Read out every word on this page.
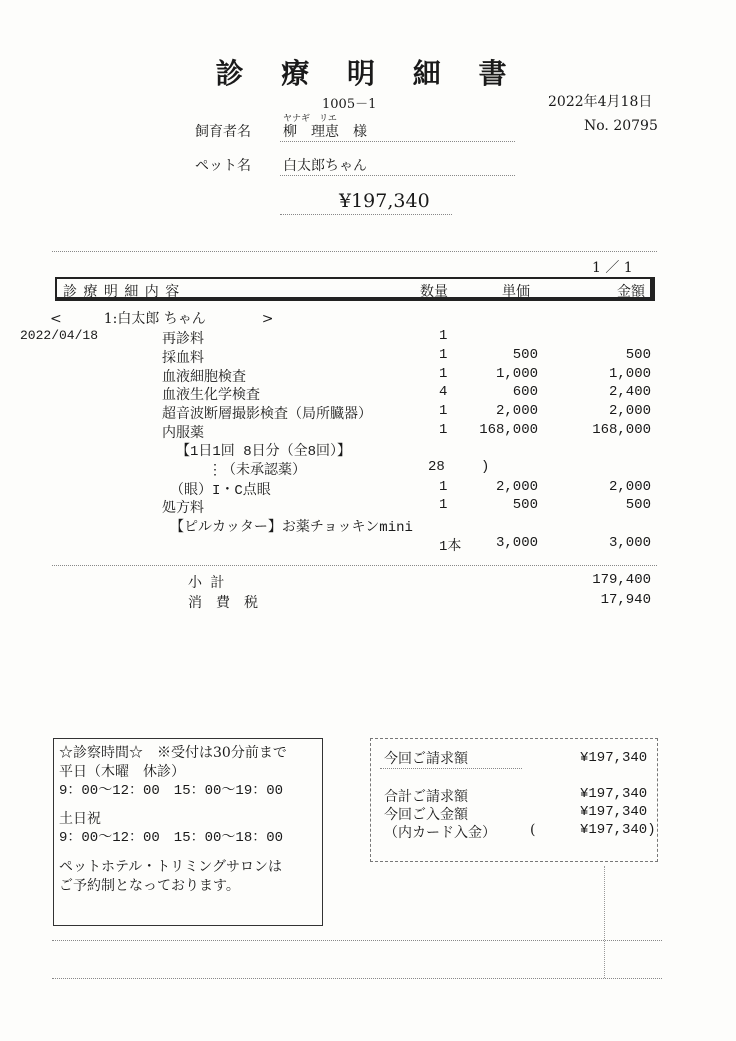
診 療 明 細 書
1005－1	2022年4月18日
ヤナギ　リエ
飼育者名 柳　理恵　様	No. 20795
ペット名 白太郎ちゃん
¥197,340
1 ／ 1
診 療 明 細 内 容	数量	単価	金額
<　　　1:白太郎 ちゃん　　　　>
2022/04/18	再診料	1
採血料	1	500	500
血液細胞検査	1	1,000	1,000
血液生化学検査	4	600	2,400
超音波断層撮影検査（局所臓器）	1	2,000	2,000
内服薬	1 168,000	168,000
【1日1回 8日分（全8回）】
⋮（未承認薬）	28	)
（眼）I・C点眼	1	2,000	2,000
処方料	1	500	500
【ピルカッター】お薬チョッキンmini
1本 3,000	3,000
小 計	179,400
消　費　税	17,940
☆診察時間☆　※受付は30分前まで
平日（木曜　休診）
9：00～12：00　15：00～19：00
土日祝
9：00～12：00　15：00～18：00
ペットホテル・トリミングサロンは
ご予約制となっております。
今回ご請求額	¥197,340
合計ご請求額	¥197,340
今回ご入金額	¥197,340
（内カード入金） (	¥197,340)
